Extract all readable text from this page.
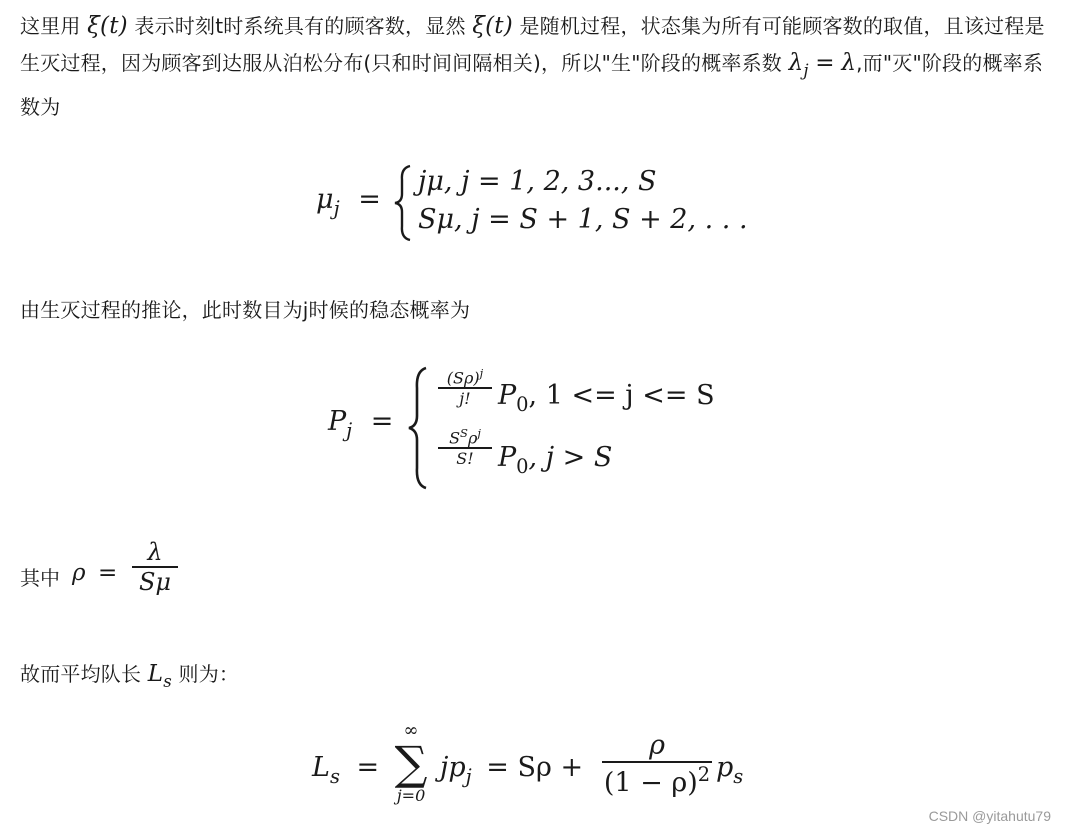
这里用 ξ(t) 表示时刻t时系统具有的顾客数，显然 ξ(t) 是随机过程，状态集为所有可能顾客数的取值，且该过程是生灭过程，因为顾客到达服从泊松分布(只和时间间隔相关)，所以"生"阶段的概率系数 $\lambda_j = \lambda$,而"灭"阶段的概率系数为
$\mu_j$ =
jμ, j = 1, 2, 3..., S
Sμ, j = S + 1, S + 2, . . .
由生灭过程的推论，此时数目为j时候的稳态概率为
$P_j$ =
$(S\rho)^j$
j!	$P_0$, 1 <= j <= S
$S^S\rho^j$
S! $P_0$, j > S
其中 ρ =
λ
Sμ
故而平均队长 $L_s$ 则为：
$L_s$ =
∞
∑
j=0
$jp_j = S\rho$ +
ρ
$(1 - \rho)^2$ $p_s$
CSDN @yitahutu79
